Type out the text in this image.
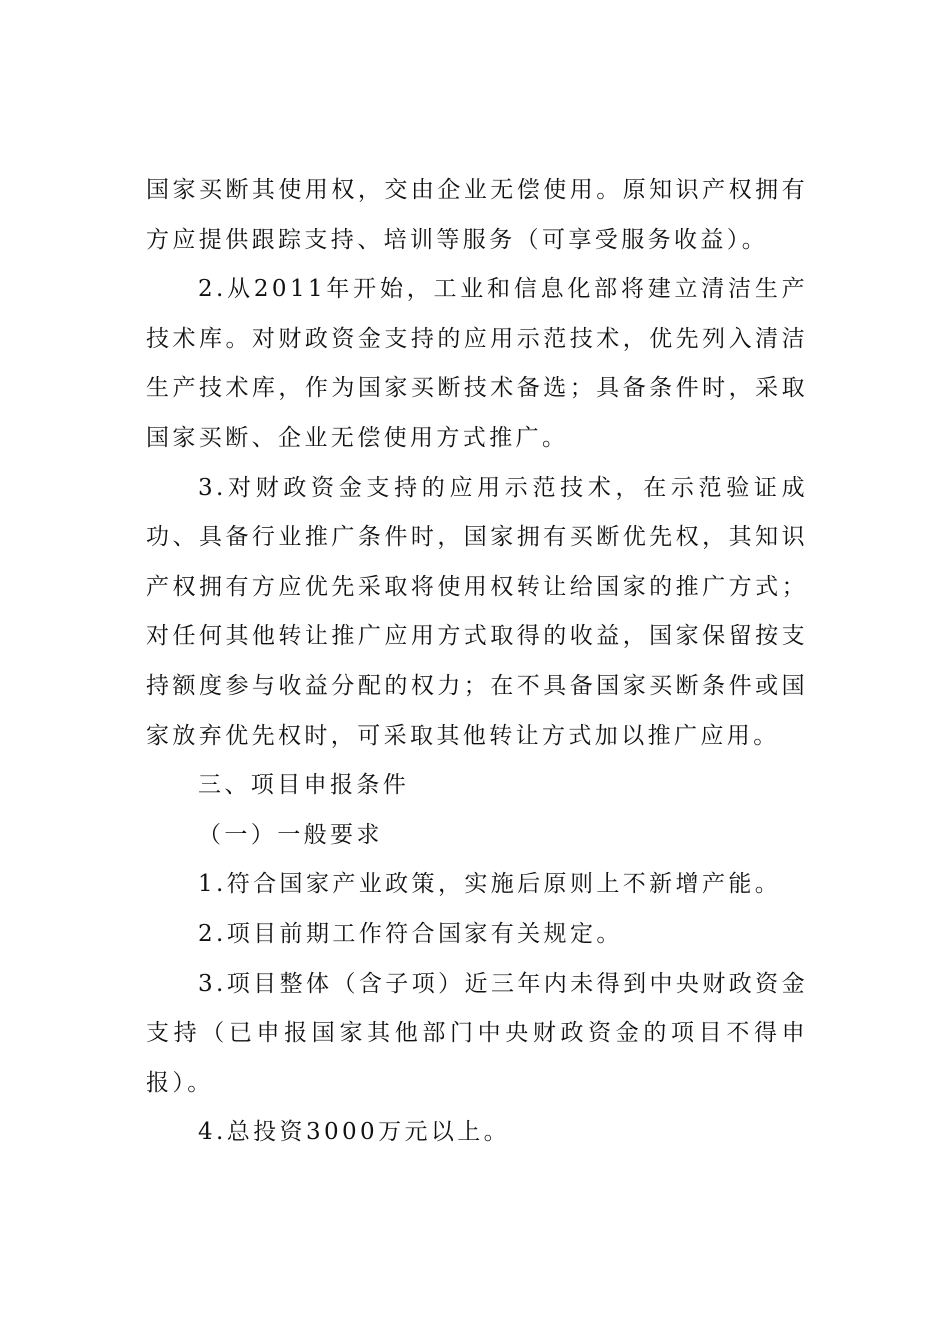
国家买断其使用权，交由企业无偿使用。原知识产权拥有方应提供跟踪支持、培训等服务（可享受服务收益）。

2.从2011年开始，工业和信息化部将建立清洁生产技术库。对财政资金支持的应用示范技术，优先列入清洁生产技术库，作为国家买断技术备选；具备条件时，采取国家买断、企业无偿使用方式推广。

3.对财政资金支持的应用示范技术，在示范验证成功、具备行业推广条件时，国家拥有买断优先权，其知识产权拥有方应优先采取将使用权转让给国家的推广方式；对任何其他转让推广应用方式取得的收益，国家保留按支持额度参与收益分配的权力；在不具备国家买断条件或国家放弃优先权时，可采取其他转让方式加以推广应用。

三、项目申报条件

（一）一般要求

1.符合国家产业政策，实施后原则上不新增产能。

2.项目前期工作符合国家有关规定。

3.项目整体（含子项）近三年内未得到中央财政资金支持（已申报国家其他部门中央财政资金的项目不得申报）。

4.总投资3000万元以上。
